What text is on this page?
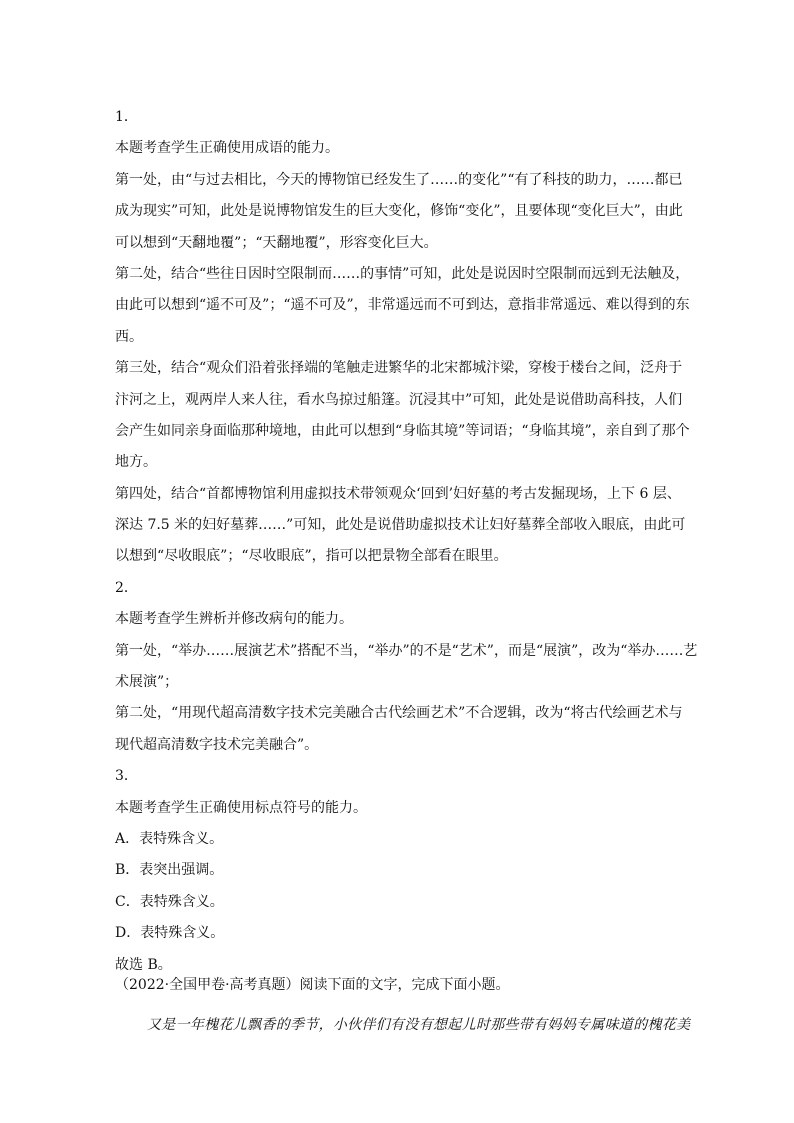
1．
本题考查学生正确使用成语的能力。
第一处，由“与过去相比，今天的博物馆已经发生了……的变化”“有了科技的助力，……都已
成为现实”可知，此处是说博物馆发生的巨大变化，修饰“变化”，且要体现“变化巨大”，由此
可以想到“天翻地覆”；“天翻地覆”，形容变化巨大。
第二处，结合“些往日因时空限制而……的事情”可知，此处是说因时空限制而远到无法触及，
由此可以想到“遥不可及”；“遥不可及”，非常遥远而不可到达，意指非常遥远、难以得到的东
西。
第三处，结合“观众们沿着张择端的笔触走进繁华的北宋都城汴梁，穿梭于楼台之间，泛舟于
汴河之上，观两岸人来人往，看水鸟掠过船篷。沉浸其中”可知，此处是说借助高科技，人们
会产生如同亲身面临那种境地，由此可以想到“身临其境”等词语；“身临其境”，亲自到了那个
地方。
第四处，结合“首都博物馆利用虚拟技术带领观众‘回到’妇好墓的考古发掘现场，上下 6 层、
深达 7.5 米的妇好墓葬……”可知，此处是说借助虚拟技术让妇好墓葬全部收入眼底，由此可
以想到“尽收眼底”；“尽收眼底”，指可以把景物全部看在眼里。
2．
本题考查学生辨析并修改病句的能力。
第一处，“举办……展演艺术”搭配不当，“举办”的不是“艺术”，而是“展演”，改为“举办……艺
术展演”；
第二处，“用现代超高清数字技术完美融合古代绘画艺术”不合逻辑，改为“将古代绘画艺术与
现代超高清数字技术完美融合”。
3．
本题考查学生正确使用标点符号的能力。
A．表特殊含义。
B．表突出强调。
C．表特殊含义。
D．表特殊含义。
故选 B。
（2022·全国甲卷·高考真题）阅读下面的文字，完成下面小题。
又是一年槐花儿飘香的季节，小伙伴们有没有想起儿时那些带有妈妈专属味道的槐花美
